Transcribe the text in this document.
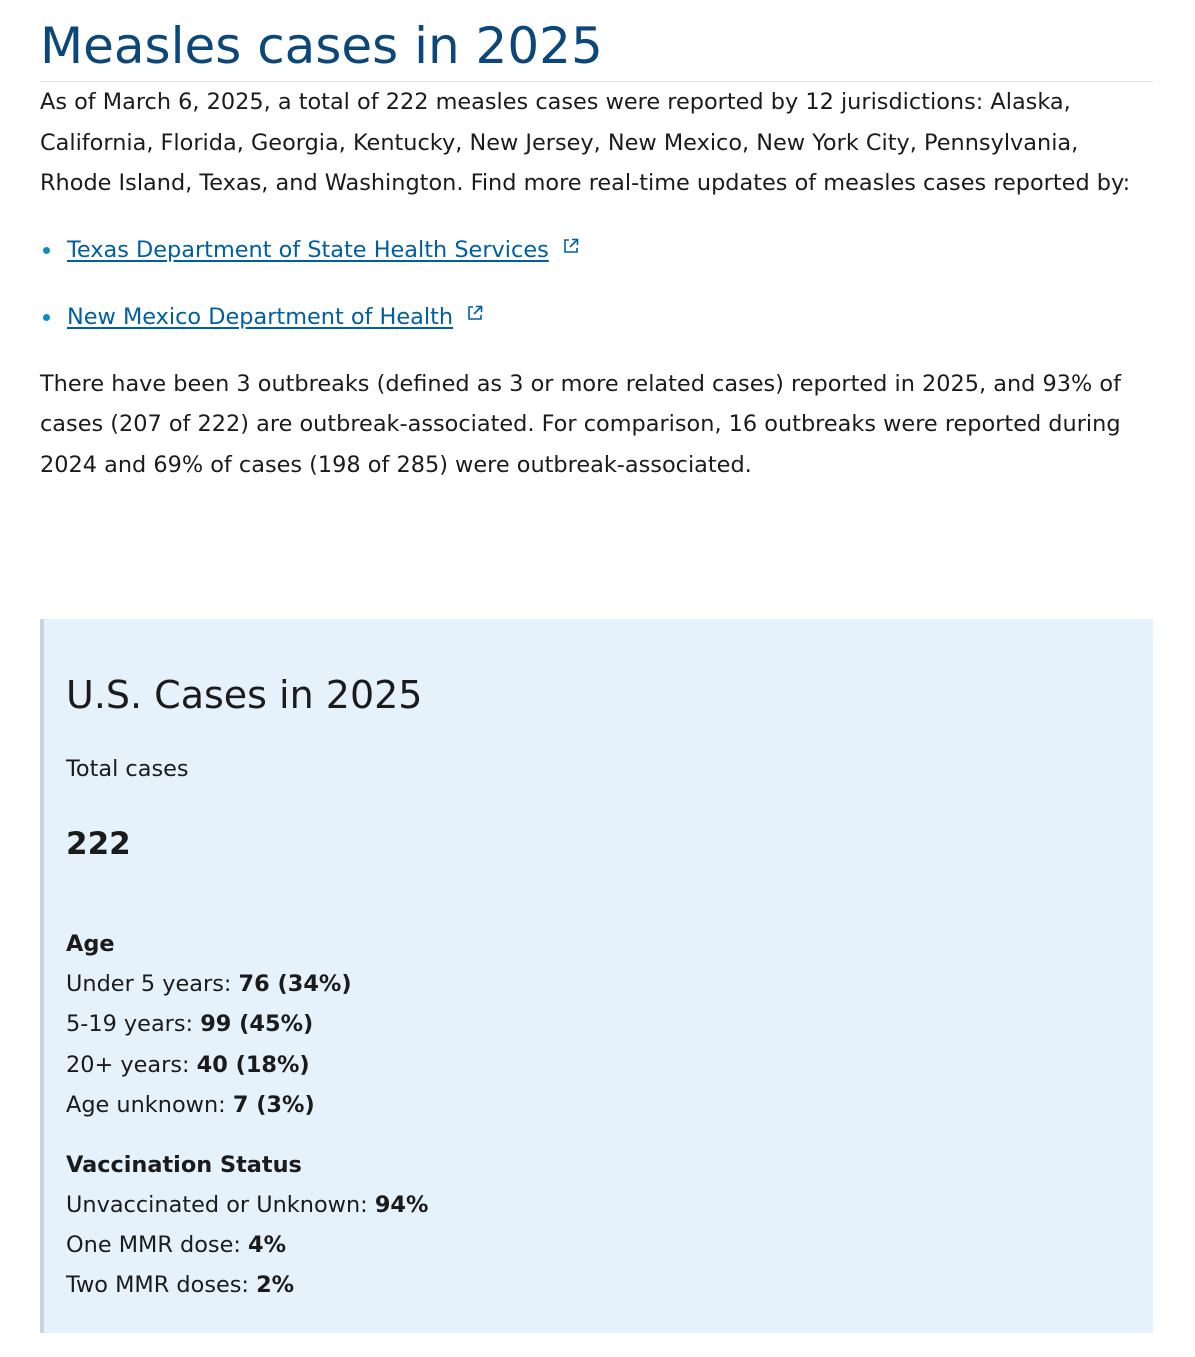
Measles cases in 2025

As of March 6, 2025, a total of 222 measles cases were reported by 12 jurisdictions: Alaska, California, Florida, Georgia, Kentucky, New Jersey, New Mexico, New York City, Pennsylvania, Rhode Island, Texas, and Washington. Find more real-time updates of measles cases reported by:

Texas Department of State Health Services
New Mexico Department of Health

There have been 3 outbreaks (defined as 3 or more related cases) reported in 2025, and 93% of cases (207 of 222) are outbreak-associated. For comparison, 16 outbreaks were reported during 2024 and 69% of cases (198 of 285) were outbreak-associated.

U.S. Cases in 2025
Total cases
222
Age
Under 5 years: 76 (34%)
5-19 years: 99 (45%)
20+ years: 40 (18%)
Age unknown: 7 (3%)
Vaccination Status
Unvaccinated or Unknown: 94%
One MMR dose: 4%
Two MMR doses: 2%
